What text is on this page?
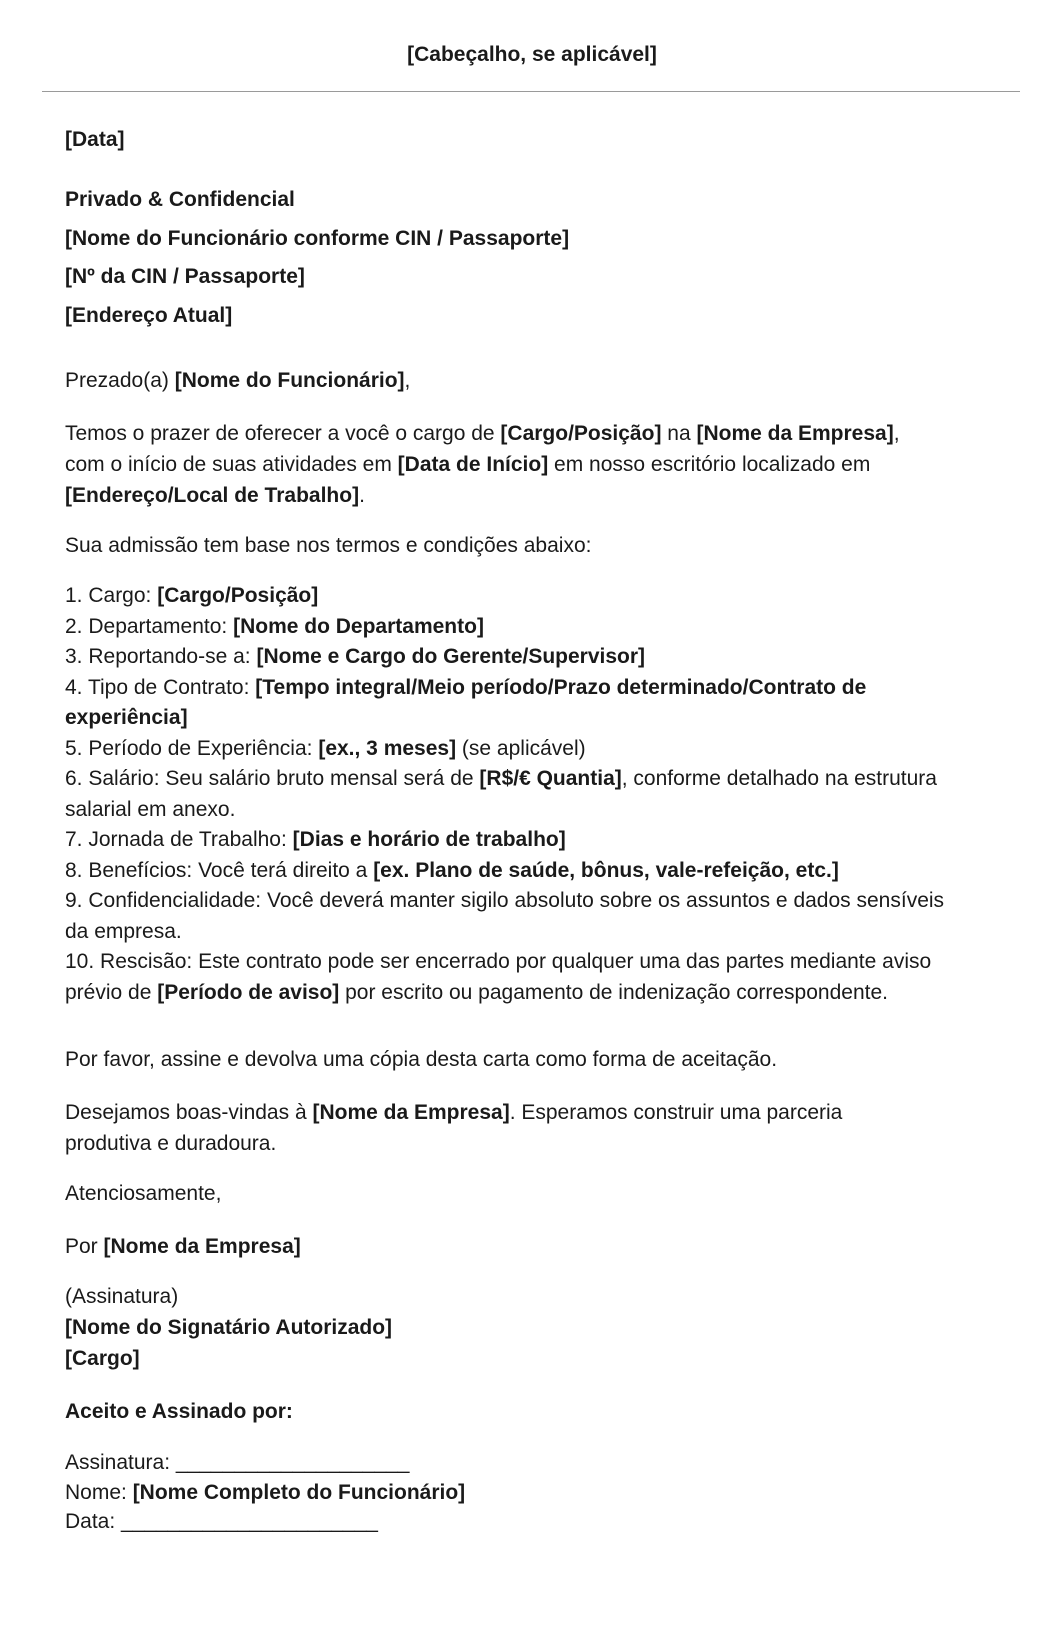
[Cabeçalho, se aplicável]
[Data]
Privado & Confidencial
[Nome do Funcionário conforme CIN / Passaporte]
[Nº da CIN / Passaporte]
[Endereço Atual]
Prezado(a) [Nome do Funcionário],
Temos o prazer de oferecer a você o cargo de [Cargo/Posição] na [Nome da Empresa], com o início de suas atividades em [Data de Início] em nosso escritório localizado em [Endereço/Local de Trabalho].
Sua admissão tem base nos termos e condições abaixo:
1. Cargo: [Cargo/Posição]
2. Departamento: [Nome do Departamento]
3. Reportando-se a: [Nome e Cargo do Gerente/Supervisor]
4. Tipo de Contrato: [Tempo integral/Meio período/Prazo determinado/Contrato de experiência]
5. Período de Experiência: [ex., 3 meses] (se aplicável)
6. Salário: Seu salário bruto mensal será de [R$/€ Quantia], conforme detalhado na estrutura salarial em anexo.
7. Jornada de Trabalho: [Dias e horário de trabalho]
8. Benefícios: Você terá direito a [ex. Plano de saúde, bônus, vale-refeição, etc.]
9. Confidencialidade: Você deverá manter sigilo absoluto sobre os assuntos e dados sensíveis da empresa.
10. Rescisão: Este contrato pode ser encerrado por qualquer uma das partes mediante aviso prévio de [Período de aviso] por escrito ou pagamento de indenização correspondente.
Por favor, assine e devolva uma cópia desta carta como forma de aceitação.
Desejamos boas-vindas à [Nome da Empresa]. Esperamos construir uma parceria produtiva e duradoura.
Atenciosamente,
Por [Nome da Empresa]
(Assinatura)
[Nome do Signatário Autorizado]
[Cargo]
Aceito e Assinado por:
Assinatura: ____________________
Nome: [Nome Completo do Funcionário]
Data: ______________________
